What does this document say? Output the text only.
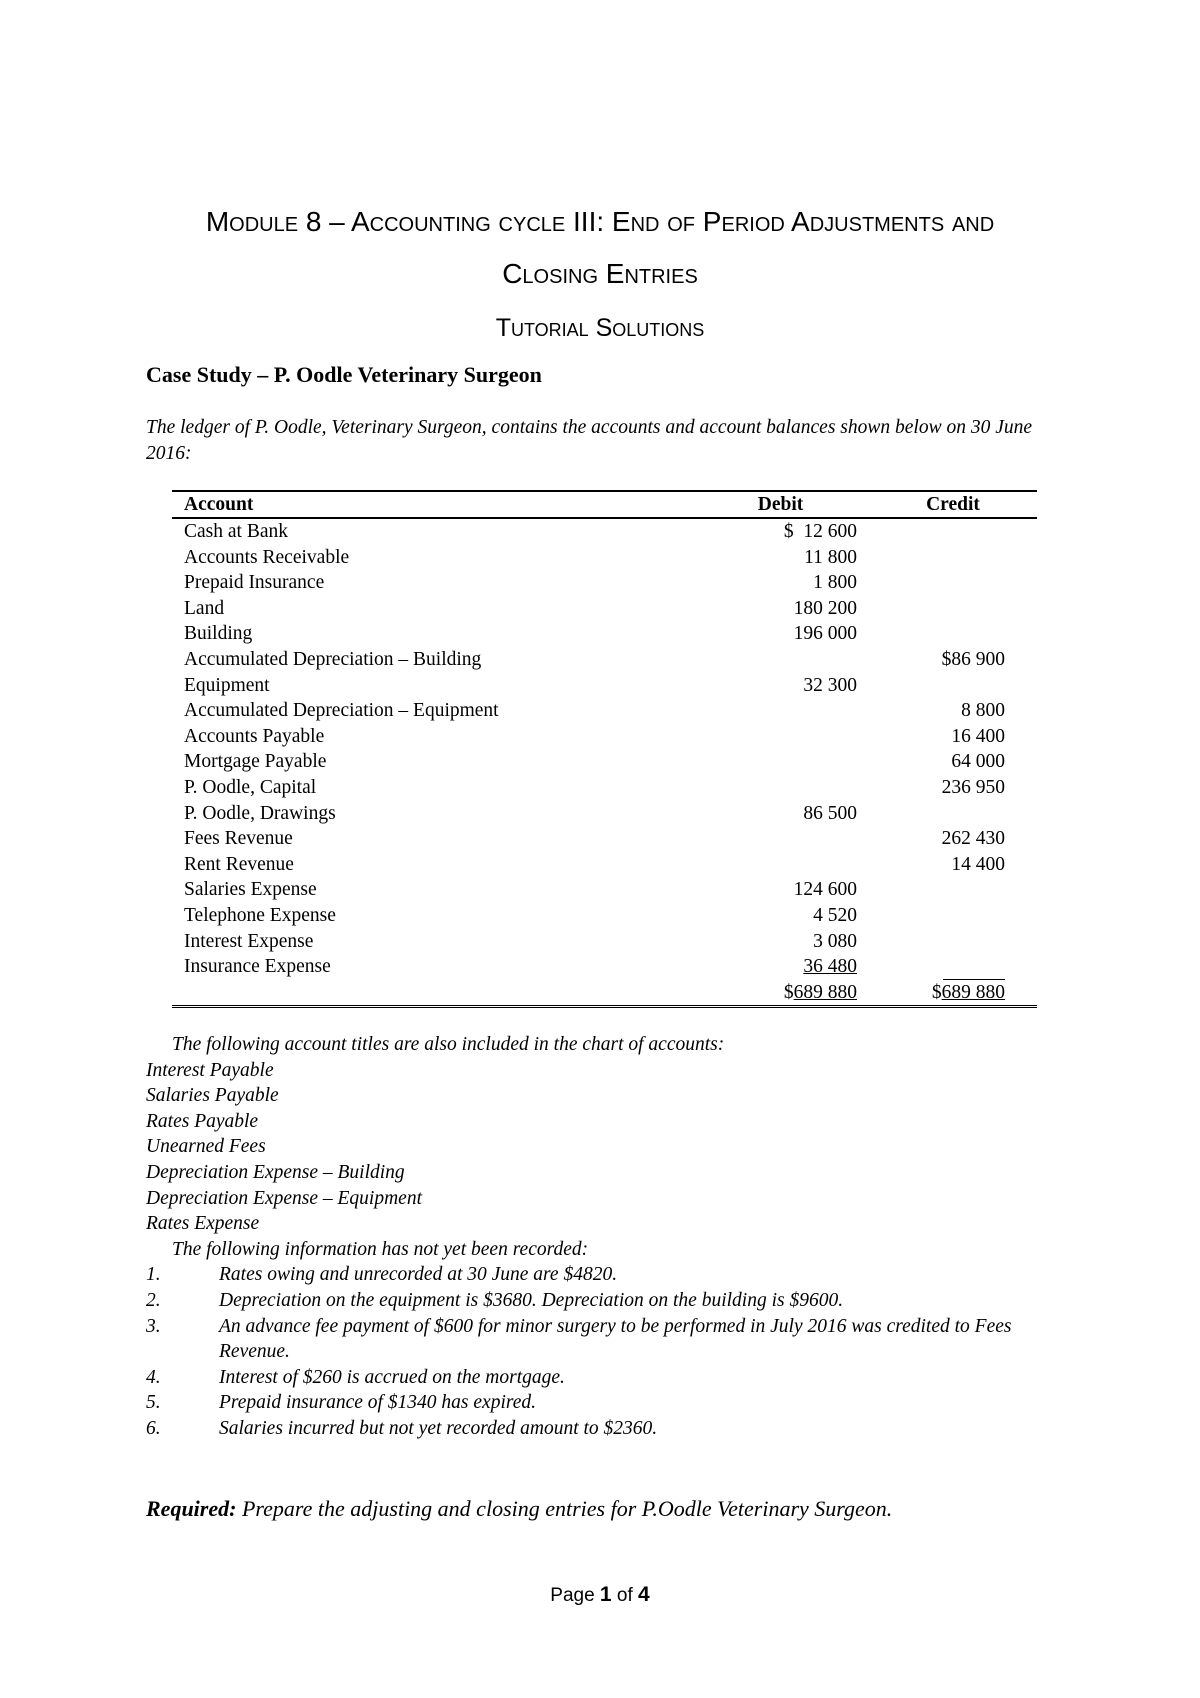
Module 8 – Accounting cycle III: End of Period Adjustments and
Closing Entries
Tutorial Solutions
Case Study – P. Oodle Veterinary Surgeon
The ledger of P. Oodle, Veterinary Surgeon, contains the accounts and account balances shown below on 30 June 2016:
Account	Debit	Credit
Cash at Bank	$  12 600	
Accounts Receivable	11 800	
Prepaid Insurance	1 800	
Land	180 200	
Building	196 000	
Accumulated Depreciation – Building		$86 900
Equipment	32 300	
Accumulated Depreciation – Equipment		8 800
Accounts Payable		16 400
Mortgage Payable		64 000
P. Oodle, Capital		236 950
P. Oodle, Drawings	86 500	
Fees Revenue		262 430
Rent Revenue		14 400
Salaries Expense	124 600	
Telephone Expense	4 520	
Interest Expense	3 080	
Insurance Expense	36 480	
	$689 880	$689 880
The following account titles are also included in the chart of accounts:
Interest Payable
Salaries Payable
Rates Payable
Unearned Fees
Depreciation Expense – Building
Depreciation Expense – Equipment
Rates Expense
The following information has not yet been recorded:
1.	Rates owing and unrecorded at 30 June are $4820.
2.	Depreciation on the equipment is $3680. Depreciation on the building is $9600.
3.	An advance fee payment of $600 for minor surgery to be performed in July 2016 was credited to Fees Revenue.
4.	Interest of $260 is accrued on the mortgage.
5.	Prepaid insurance of $1340 has expired.
6.	Salaries incurred but not yet recorded amount to $2360.
Required: Prepare the adjusting and closing entries for P.Oodle Veterinary Surgeon.
Page 1 of 4
